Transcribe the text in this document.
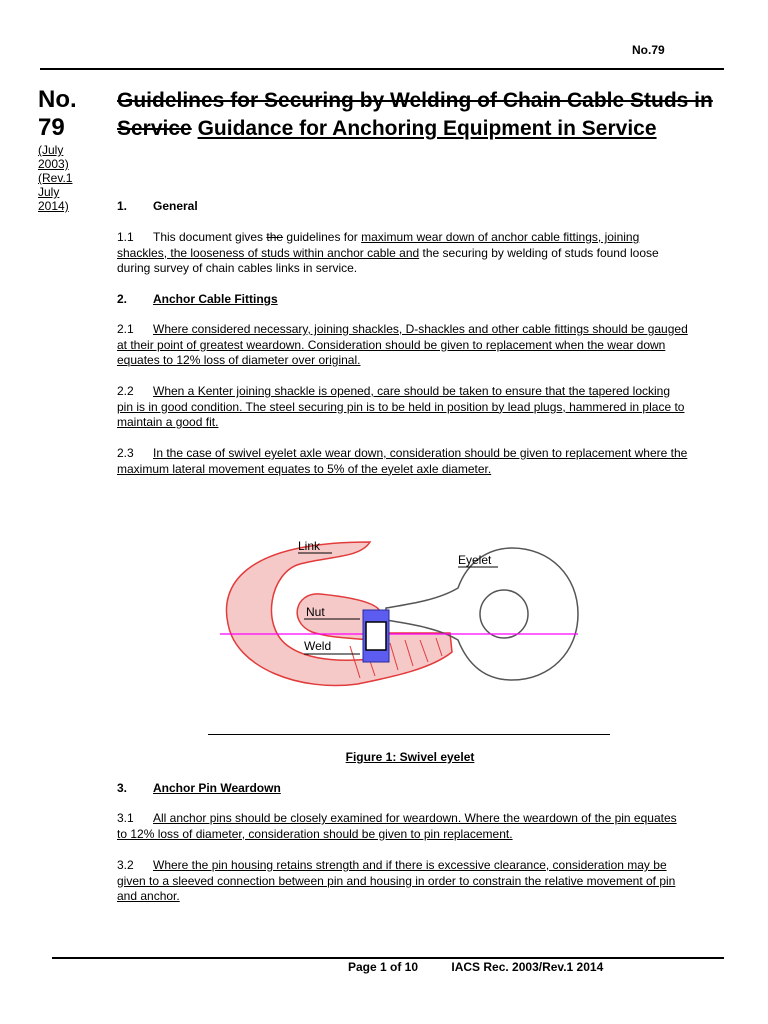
No.79
No.
79
(July
2003)
(Rev.1
July
2014)
Guidelines for Securing by Welding of Chain Cable Studs in Service Guidance for Anchoring Equipment in Service
1. General
1.1 This document gives the guidelines for maximum wear down of anchor cable fittings, joining shackles, the looseness of studs within anchor cable and the securing by welding of studs found loose during survey of chain cables links in service.
2. Anchor Cable Fittings
2.1 Where considered necessary, joining shackles, D-shackles and other cable fittings should be gauged at their point of greatest weardown. Consideration should be given to replacement when the wear down equates to 12% loss of diameter over original.
2.2 When a Kenter joining shackle is opened, care should be taken to ensure that the tapered locking pin is in good condition. The steel securing pin is to be held in position by lead plugs, hammered in place to maintain a good fit.
2.3 In the case of swivel eyelet axle wear down, consideration should be given to replacement where the maximum lateral movement equates to 5% of the eyelet axle diameter.
Link
Eyelet
Nut
Weld
Figure 1: Swivel eyelet
3. Anchor Pin Weardown
3.1 All anchor pins should be closely examined for weardown. Where the weardown of the pin equates to 12% loss of diameter, consideration should be given to pin replacement.
3.2 Where the pin housing retains strength and if there is excessive clearance, consideration may be given to a sleeved connection between pin and housing in order to constrain the relative movement of pin and anchor.
Page 1 of 10	IACS Rec. 2003/Rev.1 2014
